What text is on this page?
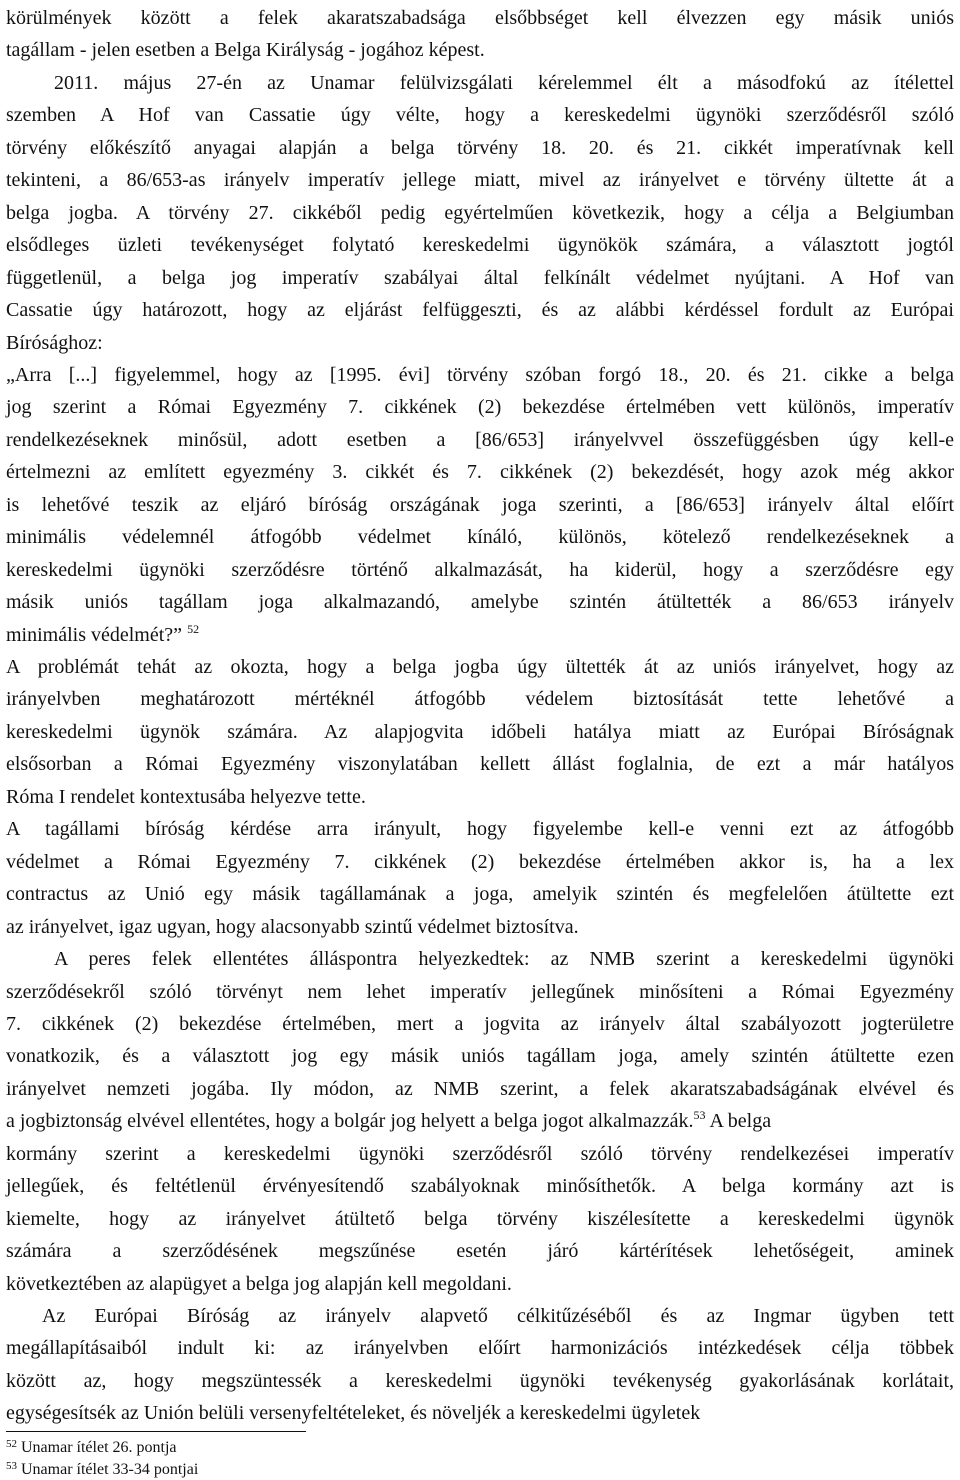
körülmények között a felek akaratszabadsága elsőbbséget kell élvezzen egy másik uniós
tagállam - jelen esetben a Belga Királyság - jogához képest.
2011. május 27-én az Unamar felülvizsgálati kérelemmel élt a másodfokú az ítélettel
szemben A Hof van Cassatie úgy vélte, hogy a kereskedelmi ügynöki szerződésről szóló
törvény előkészítő anyagai alapján a belga törvény 18. 20. és 21. cikkét imperatívnak kell
tekinteni, a 86/653-as irányelv imperatív jellege miatt, mivel az irányelvet e törvény ültette át a
belga jogba. A törvény 27. cikkéből pedig egyértelműen következik, hogy a célja a Belgiumban
elsődleges üzleti tevékenységet folytató kereskedelmi ügynökök számára, a választott jogtól
függetlenül, a belga jog imperatív szabályai által felkínált védelmet nyújtani. A Hof van
Cassatie úgy határozott, hogy az eljárást felfüggeszti, és az alábbi kérdéssel fordult az Európai
Bírósághoz:
„Arra [...] figyelemmel, hogy az [1995. évi] törvény szóban forgó 18., 20. és 21. cikke a belga
jog szerint a Római Egyezmény 7. cikkének (2) bekezdése értelmében vett különös, imperatív
rendelkezéseknek minősül, adott esetben a [86/653] irányelvvel összefüggésben úgy kell-e
értelmezni az említett egyezmény 3. cikkét és 7. cikkének (2) bekezdését, hogy azok még akkor
is lehetővé teszik az eljáró bíróság országának joga szerinti, a [86/653] irányelv által előírt
minimális védelemnél átfogóbb védelmet kínáló, különös, kötelező rendelkezéseknek a
kereskedelmi ügynöki szerződésre történő alkalmazását, ha kiderül, hogy a szerződésre egy
másik uniós tagállam joga alkalmazandó, amelybe szintén átültették a 86/653 irányelv
minimális védelmét?” $^{52}$
A problémát tehát az okozta, hogy a belga jogba úgy ültették át az uniós irányelvet, hogy az
irányelvben meghatározott mértéknél átfogóbb védelem biztosítását tette lehetővé a
kereskedelmi ügynök számára. Az alapjogvita időbeli hatálya miatt az Európai Bíróságnak
elsősorban a Római Egyezmény viszonylatában kellett állást foglalnia, de ezt a már hatályos
Róma I rendelet kontextusába helyezve tette.
A tagállami bíróság kérdése arra irányult, hogy figyelembe kell-e venni ezt az átfogóbb
védelmet a Római Egyezmény 7. cikkének (2) bekezdése értelmében akkor is, ha a lex
contractus az Unió egy másik tagállamának a joga, amelyik szintén és megfelelően átültette ezt
az irányelvet, igaz ugyan, hogy alacsonyabb szintű védelmet biztosítva.
A peres felek ellentétes álláspontra helyezkedtek: az NMB szerint a kereskedelmi ügynöki
szerződésekről szóló törvényt nem lehet imperatív jellegűnek minősíteni a Római Egyezmény
7. cikkének (2) bekezdése értelmében, mert a jogvita az irányelv által szabályozott jogterületre
vonatkozik, és a választott jog egy másik uniós tagállam joga, amely szintén átültette ezen
irányelvet nemzeti jogába. Ily módon, az NMB szerint, a felek akaratszabadságának elvével és
a jogbiztonság elvével ellentétes, hogy a bolgár jog helyett a belga jogot alkalmazzák.$^{53}$ A belga
kormány szerint a kereskedelmi ügynöki szerződésről szóló törvény rendelkezései imperatív
jellegűek, és feltétlenül érvényesítendő szabályoknak minősíthetők. A belga kormány azt is
kiemelte, hogy az irányelvet átültető belga törvény kiszélesítette a kereskedelmi ügynök
számára a szerződésének megszűnése esetén járó kártérítések lehetőségeit, aminek
következtében az alapügyet a belga jog alapján kell megoldani.
Az Európai Bíróság az irányelv alapvető célkitűzéséből és az Ingmar ügyben tett
megállapításaiból indult ki: az irányelvben előírt harmonizációs intézkedések célja többek
között az, hogy megszüntessék a kereskedelmi ügynöki tevékenység gyakorlásának korlátait,
egységesítsék az Unión belüli versenyfeltételeket, és növeljék a kereskedelmi ügyletek
$^{52}$ Unamar ítélet 26. pontja
$^{53}$ Unamar ítélet 33-34 pontjai
